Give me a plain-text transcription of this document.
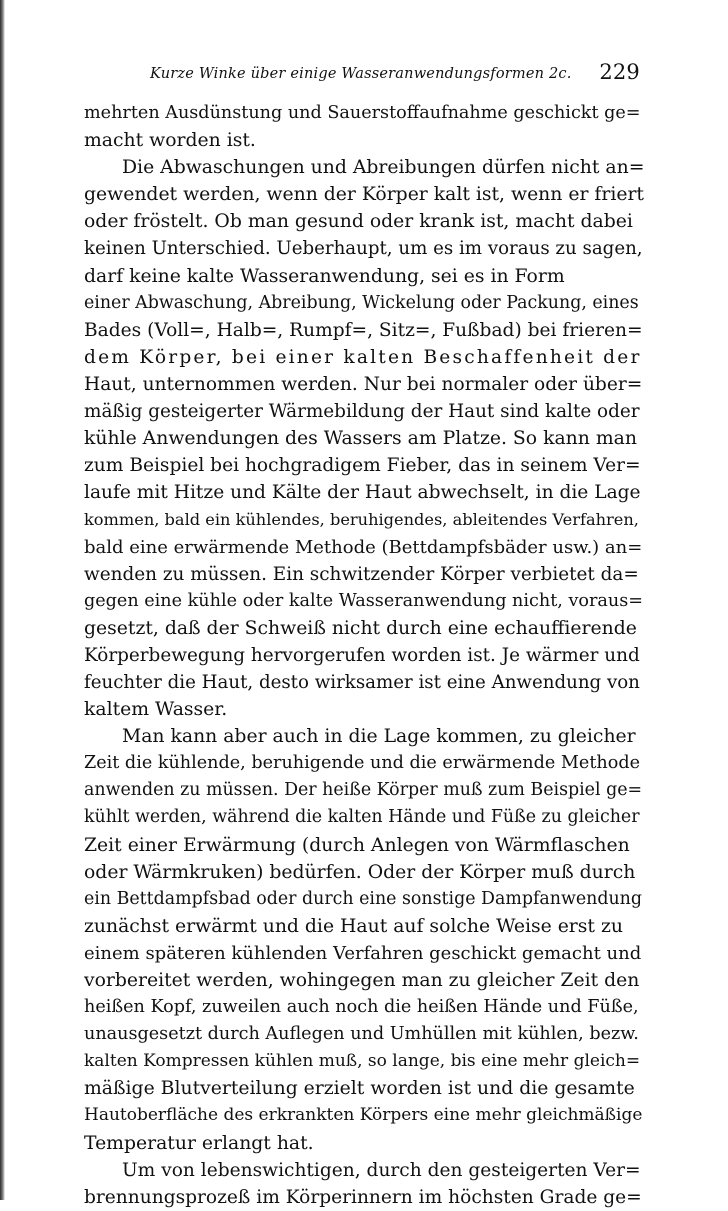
Kurze Winke über einige Wasseranwendungsformen 2c. 229
mehrten Ausdünstung und Sauerstoffaufnahme geschickt ge=
macht worden ist.
Die Abwaschungen und Abreibungen dürfen nicht an=
gewendet werden, wenn der Körper kalt ist, wenn er friert
oder fröstelt. Ob man gesund oder krank ist, macht dabei
keinen Unterschied. Ueberhaupt, um es im voraus zu sagen,
darf keine kalte Wasseranwendung, sei es in Form
einer Abwaschung, Abreibung, Wickelung oder Packung, eines
Bades (Voll=, Halb=, Rumpf=, Sitz=, Fußbad) bei frieren=
dem Körper, bei einer kalten Beschaffenheit der
Haut, unternommen werden. Nur bei normaler oder über=
mäßig gesteigerter Wärmebildung der Haut sind kalte oder
kühle Anwendungen des Wassers am Platze. So kann man
zum Beispiel bei hochgradigem Fieber, das in seinem Ver=
laufe mit Hitze und Kälte der Haut abwechselt, in die Lage
kommen, bald ein kühlendes, beruhigendes, ableitendes Verfahren,
bald eine erwärmende Methode (Bettdampfsbäder usw.) an=
wenden zu müssen. Ein schwitzender Körper verbietet da=
gegen eine kühle oder kalte Wasseranwendung nicht, voraus=
gesetzt, daß der Schweiß nicht durch eine echauffierende
Körperbewegung hervorgerufen worden ist. Je wärmer und
feuchter die Haut, desto wirksamer ist eine Anwendung von
kaltem Wasser.
Man kann aber auch in die Lage kommen, zu gleicher
Zeit die kühlende, beruhigende und die erwärmende Methode
anwenden zu müssen. Der heiße Körper muß zum Beispiel ge=
kühlt werden, während die kalten Hände und Füße zu gleicher
Zeit einer Erwärmung (durch Anlegen von Wärmflaschen
oder Wärmkruken) bedürfen. Oder der Körper muß durch
ein Bettdampfsbad oder durch eine sonstige Dampfanwendung
zunächst erwärmt und die Haut auf solche Weise erst zu
einem späteren kühlenden Verfahren geschickt gemacht und
vorbereitet werden, wohingegen man zu gleicher Zeit den
heißen Kopf, zuweilen auch noch die heißen Hände und Füße,
unausgesetzt durch Auflegen und Umhüllen mit kühlen, bezw.
kalten Kompressen kühlen muß, so lange, bis eine mehr gleich=
mäßige Blutverteilung erzielt worden ist und die gesamte
Hautoberfläche des erkrankten Körpers eine mehr gleichmäßige
Temperatur erlangt hat.
Um von lebenswichtigen, durch den gesteigerten Ver=
brennungsprozeß im Körperinnern im höchsten Grade ge=
